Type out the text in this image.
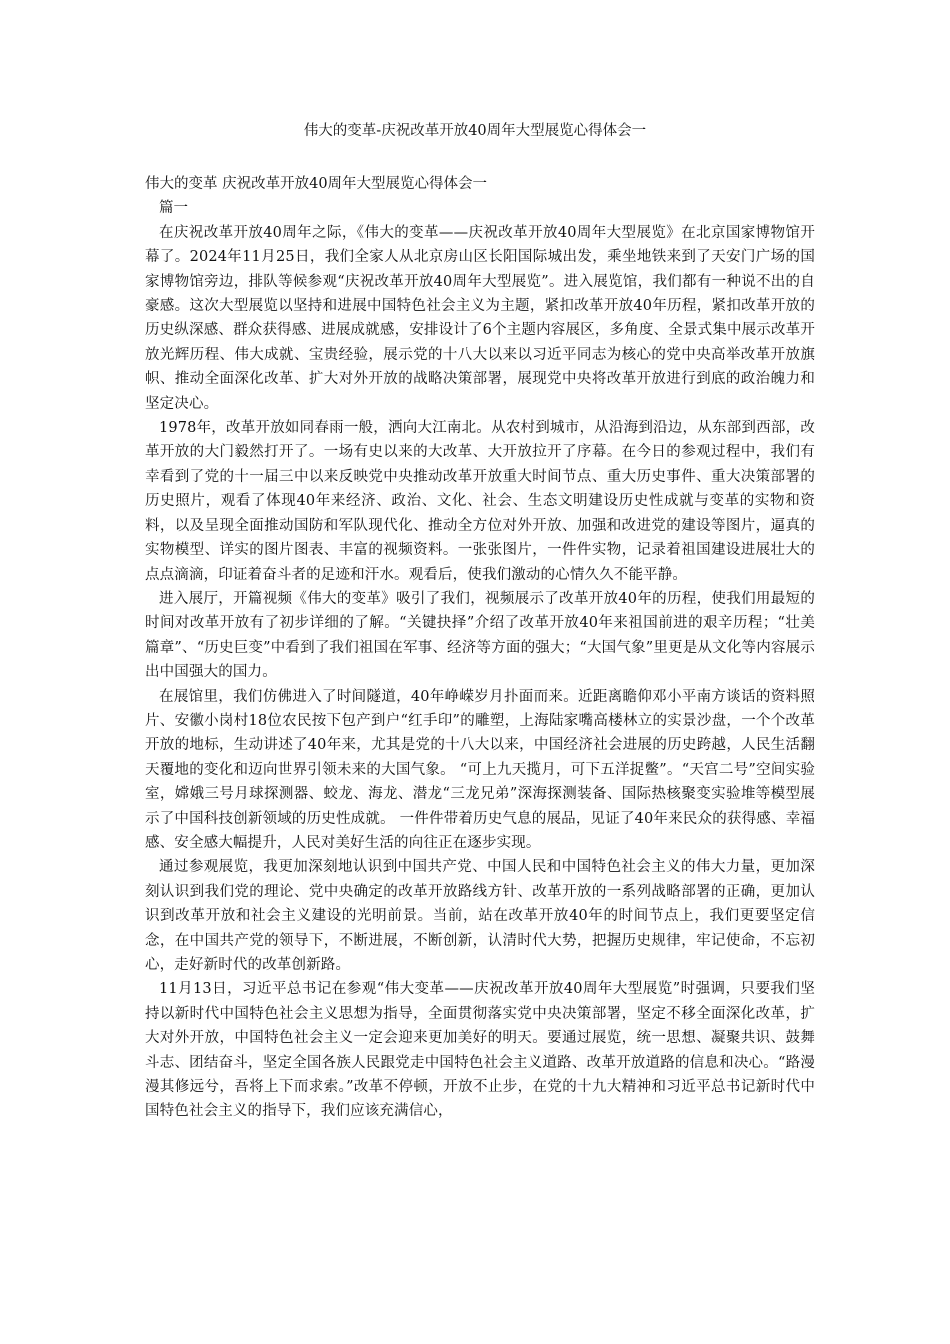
伟大的变革-庆祝改革开放40周年大型展览心得体会一

伟大的变革 庆祝改革开放40周年大型展览心得体会一

篇一

在庆祝改革开放40周年之际，《伟大的变革——庆祝改革开放40周年大型展览》在北京国家博物馆开幕了。2024年11月25日，我们全家人从北京房山区长阳国际城出发，乘坐地铁来到了天安门广场的国家博物馆旁边，排队等候参观“庆祝改革开放40周年大型展览”。进入展览馆，我们都有一种说不出的自豪感。这次大型展览以坚持和进展中国特色社会主义为主题，紧扣改革开放40年历程，紧扣改革开放的历史纵深感、群众获得感、进展成就感，安排设计了6个主题内容展区，多角度、全景式集中展示改革开放光辉历程、伟大成就、宝贵经验，展示党的十八大以来以习近平同志为核心的党中央高举改革开放旗帜、推动全面深化改革、扩大对外开放的战略决策部署，展现党中央将改革开放进行到底的政治魄力和坚定决心。

1978年，改革开放如同春雨一般，洒向大江南北。从农村到城市，从沿海到沿边，从东部到西部，改革开放的大门毅然打开了。一场有史以来的大改革、大开放拉开了序幕。在今日的参观过程中，我们有幸看到了党的十一届三中以来反映党中央推动改革开放重大时间节点、重大历史事件、重大决策部署的历史照片，观看了体现40年来经济、政治、文化、社会、生态文明建设历史性成就与变革的实物和资料，以及呈现全面推动国防和军队现代化、推动全方位对外开放、加强和改进党的建设等图片，逼真的实物模型、详实的图片图表、丰富的视频资料。一张张图片，一件件实物，记录着祖国建设进展壮大的点点滴滴，印证着奋斗者的足迹和汗水。观看后，使我们激动的心情久久不能平静。

进入展厅，开篇视频《伟大的变革》吸引了我们，视频展示了改革开放40年的历程，使我们用最短的时间对改革开放有了初步详细的了解。“关键抉择”介绍了改革开放40年来祖国前进的艰辛历程；“壮美篇章”、“历史巨变”中看到了我们祖国在军事、经济等方面的强大；“大国气象”里更是从文化等内容展示出中国强大的国力。

在展馆里，我们仿佛进入了时间隧道，40年峥嵘岁月扑面而来。近距离瞻仰邓小平南方谈话的资料照片、安徽小岗村18位农民按下包产到户“红手印”的雕塑，上海陆家嘴高楼林立的实景沙盘，一个个改革开放的地标，生动讲述了40年来，尤其是党的十八大以来，中国经济社会进展的历史跨越，人民生活翻天覆地的变化和迈向世界引领未来的大国气象。 “可上九天揽月，可下五洋捉鳖”。“天宫二号”空间实验室，嫦娥三号月球探测器、蛟龙、海龙、潜龙“三龙兄弟”深海探测装备、国际热核聚变实验堆等模型展示了中国科技创新领域的历史性成就。 一件件带着历史气息的展品，见证了40年来民众的获得感、幸福感、安全感大幅提升，人民对美好生活的向往正在逐步实现。

通过参观展览，我更加深刻地认识到中国共产党、中国人民和中国特色社会主义的伟大力量，更加深刻认识到我们党的理论、党中央确定的改革开放路线方针、改革开放的一系列战略部署的正确，更加认识到改革开放和社会主义建设的光明前景。当前，站在改革开放40年的时间节点上，我们更要坚定信念，在中国共产党的领导下，不断进展，不断创新，认清时代大势，把握历史规律，牢记使命，不忘初心，走好新时代的改革创新路。

11月13日，习近平总书记在参观“伟大变革——庆祝改革开放40周年大型展览”时强调，只要我们坚持以新时代中国特色社会主义思想为指导，全面贯彻落实党中央决策部署，坚定不移全面深化改革，扩大对外开放，中国特色社会主义一定会迎来更加美好的明天。要通过展览，统一思想、凝聚共识、鼓舞斗志、团结奋斗，坚定全国各族人民跟党走中国特色社会主义道路、改革开放道路的信息和决心。“路漫漫其修远兮，吾将上下而求索。”改革不停顿，开放不止步，在党的十九大精神和习近平总书记新时代中国特色社会主义的指导下，我们应该充满信心，
